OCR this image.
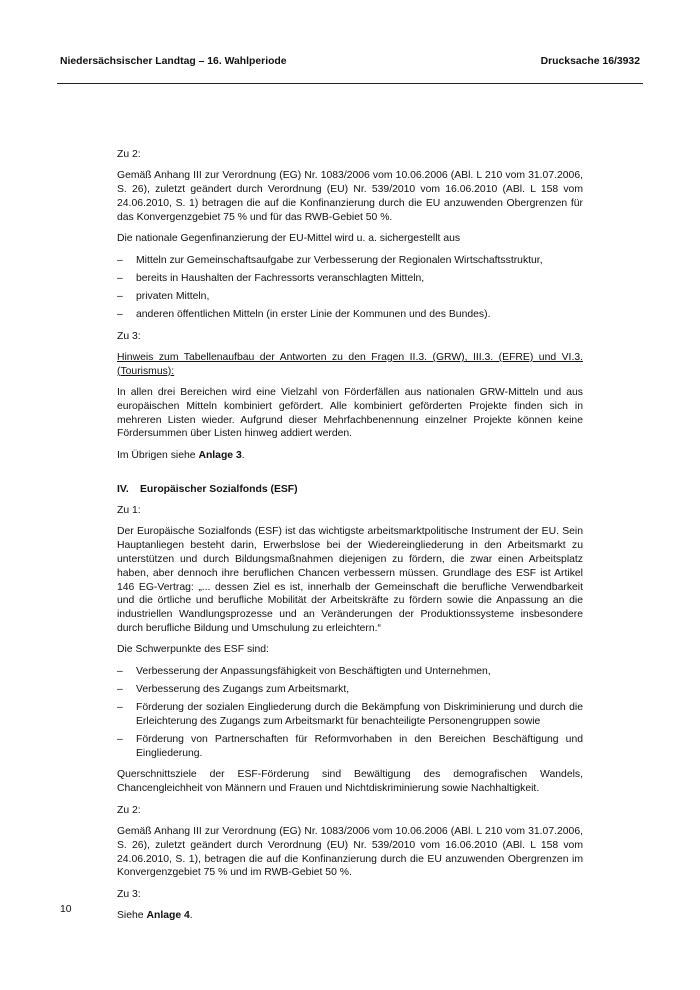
Niedersächsischer Landtag – 16. Wahlperiode	Drucksache 16/3932

Zu 2:

Gemäß Anhang III zur Verordnung (EG) Nr. 1083/2006 vom 10.06.2006 (ABl. L 210 vom 31.07.2006, S. 26), zuletzt geändert durch Verordnung (EU) Nr. 539/2010 vom 16.06.2010 (ABl. L 158 vom 24.06.2010, S. 1) betragen die auf die Konfinanzierung durch die EU anzuwenden Obergrenzen für das Konvergenzgebiet 75 % und für das RWB-Gebiet 50 %.

Die nationale Gegenfinanzierung der EU-Mittel wird u. a. sichergestellt aus

– Mitteln zur Gemeinschaftsaufgabe zur Verbesserung der Regionalen Wirtschaftsstruktur,
– bereits in Haushalten der Fachressorts veranschlagten Mitteln,
– privaten Mitteln,
– anderen öffentlichen Mitteln (in erster Linie der Kommunen und des Bundes).

Zu 3:

Hinweis zum Tabellenaufbau der Antworten zu den Fragen II.3. (GRW), III.3. (EFRE) und VI.3. (Tourismus):

In allen drei Bereichen wird eine Vielzahl von Förderfällen aus nationalen GRW-Mitteln und aus europäischen Mitteln kombiniert gefördert. Alle kombiniert geförderten Projekte finden sich in mehreren Listen wieder. Aufgrund dieser Mehrfachbenennung einzelner Projekte können keine Fördersummen über Listen hinweg addiert werden.

Im Übrigen siehe Anlage 3.

IV.	Europäischer Sozialfonds (ESF)

Zu 1:

Der Europäische Sozialfonds (ESF) ist das wichtigste arbeitsmarktpolitische Instrument der EU. Sein Hauptanliegen besteht darin, Erwerbslose bei der Wiedereingliederung in den Arbeitsmarkt zu unterstützen und durch Bildungsmaßnahmen diejenigen zu fördern, die zwar einen Arbeitsplatz haben, aber dennoch ihre beruflichen Chancen verbessern müssen. Grundlage des ESF ist Artikel 146 EG-Vertrag: „... dessen Ziel es ist, innerhalb der Gemeinschaft die berufliche Verwendbarkeit und die örtliche und berufliche Mobilität der Arbeitskräfte zu fördern sowie die Anpassung an die industriellen Wandlungsprozesse und an Veränderungen der Produktionssysteme insbesondere durch berufliche Bildung und Umschulung zu erleichtern.“

Die Schwerpunkte des ESF sind:

– Verbesserung der Anpassungsfähigkeit von Beschäftigten und Unternehmen,
– Verbesserung des Zugangs zum Arbeitsmarkt,
– Förderung der sozialen Eingliederung durch die Bekämpfung von Diskriminierung und durch die Erleichterung des Zugangs zum Arbeitsmarkt für benachteiligte Personengruppen sowie
– Förderung von Partnerschaften für Reformvorhaben in den Bereichen Beschäftigung und Eingliederung.

Querschnittsziele der ESF-Förderung sind Bewältigung des demografischen Wandels, Chancengleichheit von Männern und Frauen und Nichtdiskriminierung sowie Nachhaltigkeit.

Zu 2:

Gemäß Anhang III zur Verordnung (EG) Nr. 1083/2006 vom 10.06.2006 (ABl. L 210 vom 31.07.2006, S. 26), zuletzt geändert durch Verordnung (EU) Nr. 539/2010 vom 16.06.2010 (ABl. L 158 vom 24.06.2010, S. 1), betragen die auf die Konfinanzierung durch die EU anzuwenden Obergrenzen im Konvergenzgebiet 75 % und im RWB-Gebiet 50 %.

Zu 3:

Siehe Anlage 4.

10
